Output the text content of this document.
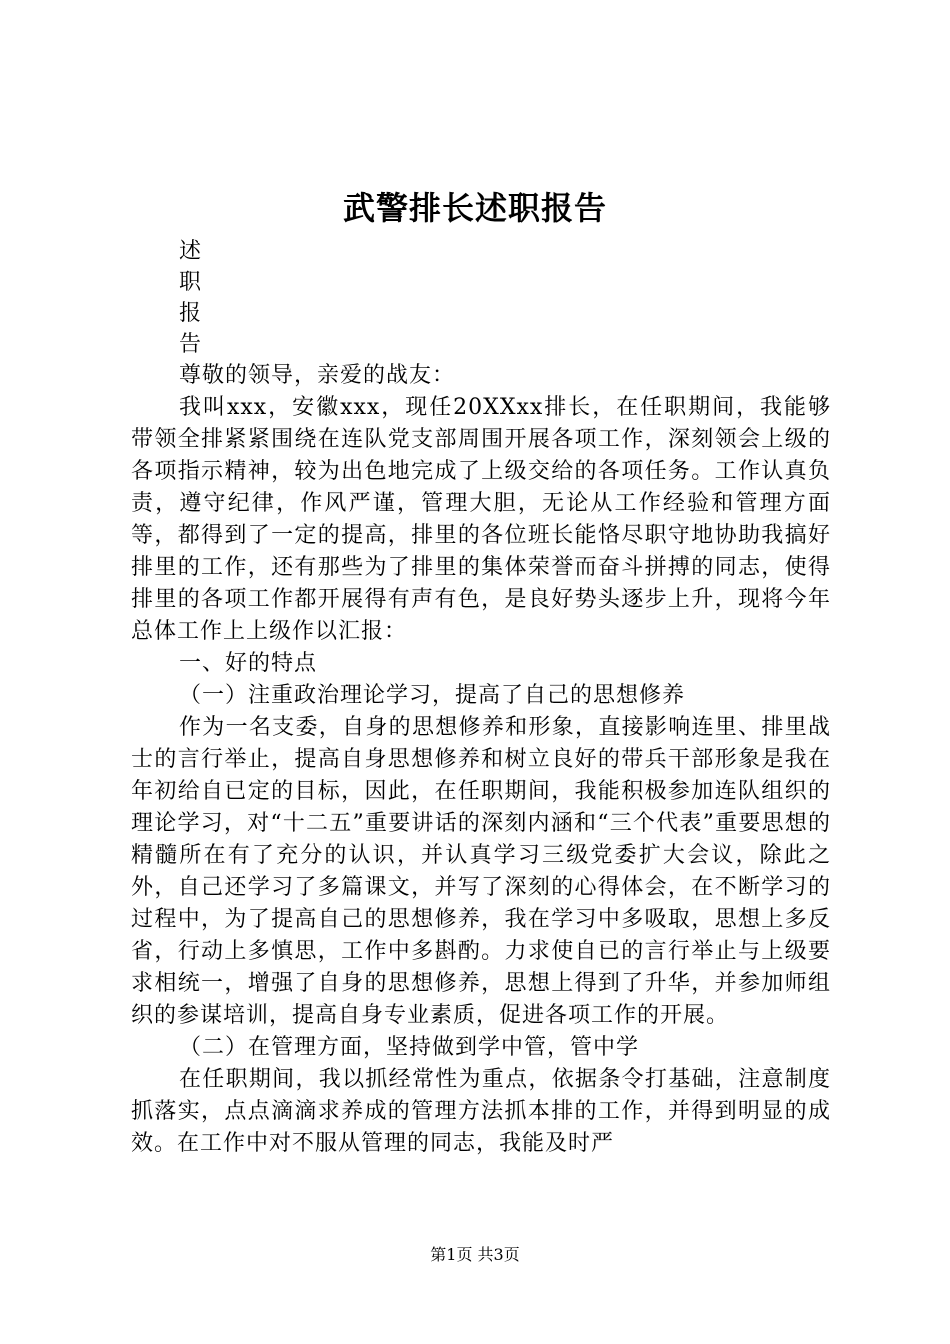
武警排长述职报告

述

职

报

告

尊敬的领导，亲爱的战友：

我叫xxx，安徽xxx，现任20XXxx排长，在任职期间，我能够带领全排紧紧围绕在连队党支部周围开展各项工作，深刻领会上级的各项指示精神，较为出色地完成了上级交给的各项任务。工作认真负责，遵守纪律，作风严谨，管理大胆，无论从工作经验和管理方面等，都得到了一定的提高，排里的各位班长能恪尽职守地协助我搞好排里的工作，还有那些为了排里的集体荣誉而奋斗拼搏的同志，使得排里的各项工作都开展得有声有色，是良好势头逐步上升，现将今年总体工作上上级作以汇报：

一、好的特点

（一）注重政治理论学习，提高了自己的思想修养

作为一名支委，自身的思想修养和形象，直接影响连里、排里战士的言行举止，提高自身思想修养和树立良好的带兵干部形象是我在年初给自已定的目标，因此，在任职期间，我能积极参加连队组织的理论学习，对“十二五”重要讲话的深刻内涵和“三个代表”重要思想的精髓所在有了充分的认识，并认真学习三级党委扩大会议，除此之外，自己还学习了多篇课文，并写了深刻的心得体会，在不断学习的过程中，为了提高自己的思想修养，我在学习中多吸取，思想上多反省，行动上多慎思，工作中多斟酌。力求使自已的言行举止与上级要求相统一，增强了自身的思想修养，思想上得到了升华，并参加师组织的参谋培训，提高自身专业素质，促进各项工作的开展。

（二）在管理方面，坚持做到学中管，管中学

在任职期间，我以抓经常性为重点，依据条令打基础，注意制度抓落实，点点滴滴求养成的管理方法抓本排的工作，并得到明显的成效。在工作中对不服从管理的同志，我能及时严

第1页 共3页
